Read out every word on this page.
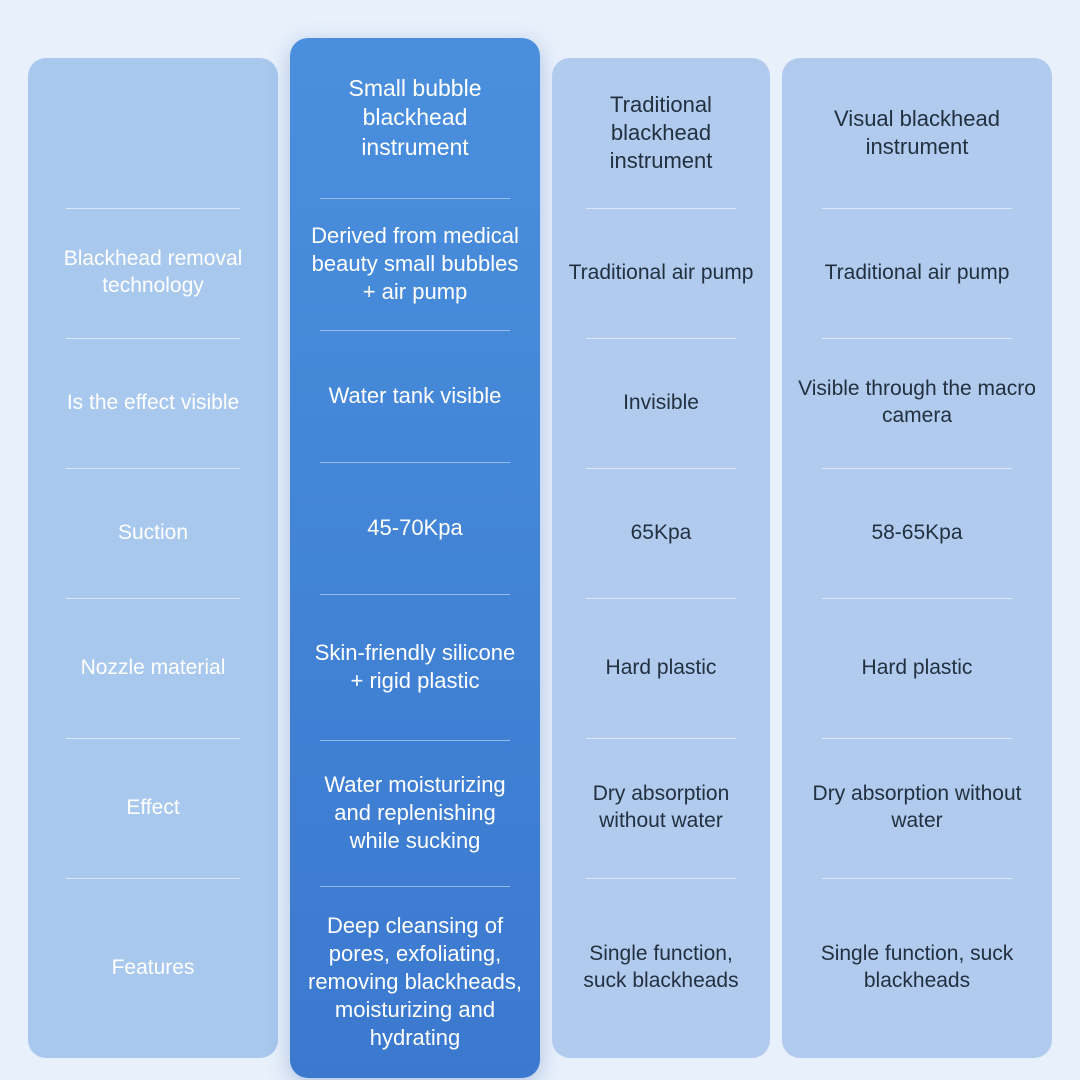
Blackhead removal technology
Is the effect visible
Suction
Nozzle material
Effect
Features
Small bubble blackhead instrument
Derived from medical beauty small bubbles + air pump
Water tank visible
45-70Kpa
Skin-friendly silicone + rigid plastic
Water moisturizing and replenishing while sucking
Deep cleansing of pores, exfoliating, removing blackheads, moisturizing and hydrating
Traditional blackhead instrument
Traditional air pump
Invisible
65Kpa
Hard plastic
Dry absorption without water
Single function, suck blackheads
Visual blackhead instrument
Traditional air pump
Visible through the macro camera
58-65Kpa
Hard plastic
Dry absorption without water
Single function, suck blackheads
